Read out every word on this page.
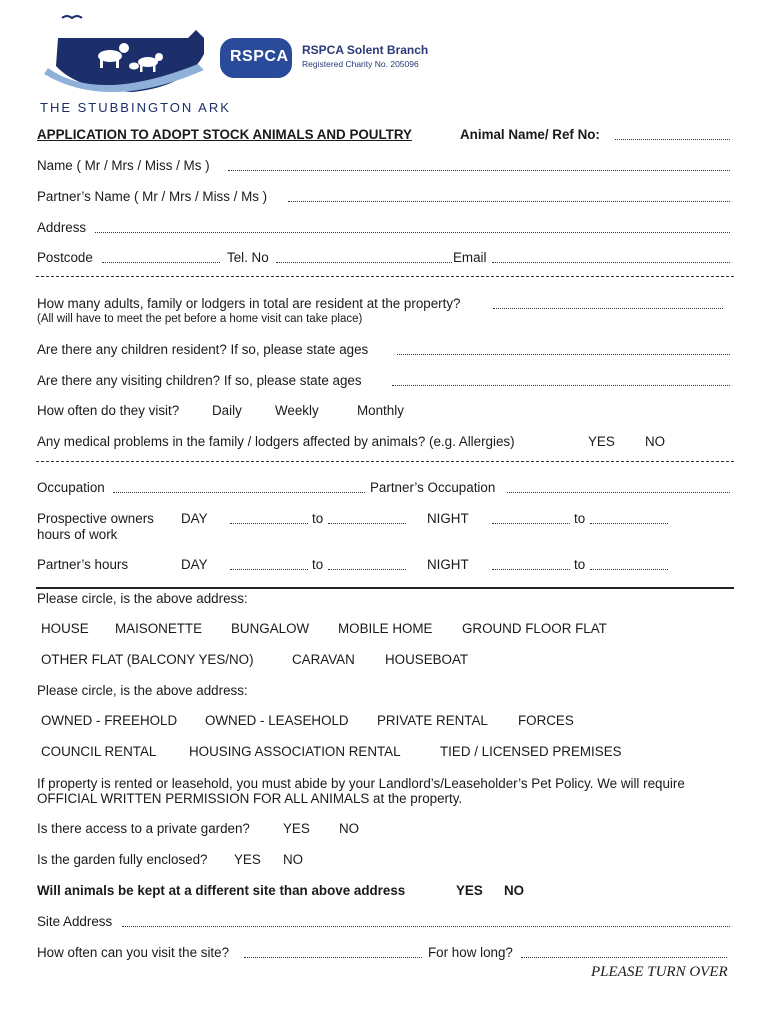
THE STUBBINGTON ARK
RSPCA RSPCA Solent Branch
Registered Charity No. 205096
APPLICATION TO ADOPT STOCK ANIMALS AND POULTRY	Animal Name/ Ref No:
Name ( Mr / Mrs / Miss / Ms )
Partner’s Name ( Mr / Mrs / Miss / Ms )
Address
Postcode	Tel. No	Email
How many adults, family or lodgers in total are resident at the property?
(All will have to meet the pet before a home visit can take place)
Are there any children resident? If so, please state ages
Are there any visiting children? If so, please state ages
How often do they visit? Daily Weekly	Monthly
Any medical problems in the family / lodgers affected by animals? (e.g. Allergies)	YES NO
Occupation	Partner’s Occupation
Prospective owners hours of work
DAY	to	NIGHT	to
Partner’s hours	DAY	to	NIGHT	to
Please circle, is the above address:
HOUSE MAISONETTE BUNGALOW MOBILE HOME GROUND FLOOR FLAT
OTHER FLAT (BALCONY YES/NO)	CARAVAN HOUSEBOAT
Please circle, is the above address:
OWNED - FREEHOLD OWNED - LEASEHOLD PRIVATE RENTAL FORCES
COUNCIL RENTAL HOUSING ASSOCIATION RENTAL	TIED / LICENSED PREMISES
If property is rented or leasehold, you must abide by your Landlord’s/Leaseholder’s Pet Policy. We will require
OFFICIAL WRITTEN PERMISSION FOR ALL ANIMALS at the property.
Is there access to a private garden? YES NO
Is the garden fully enclosed? YES NO
Will animals be kept at a different site than above address	YES NO
Site Address
How often can you visit the site?	For how long?
PLEASE TURN OVER
